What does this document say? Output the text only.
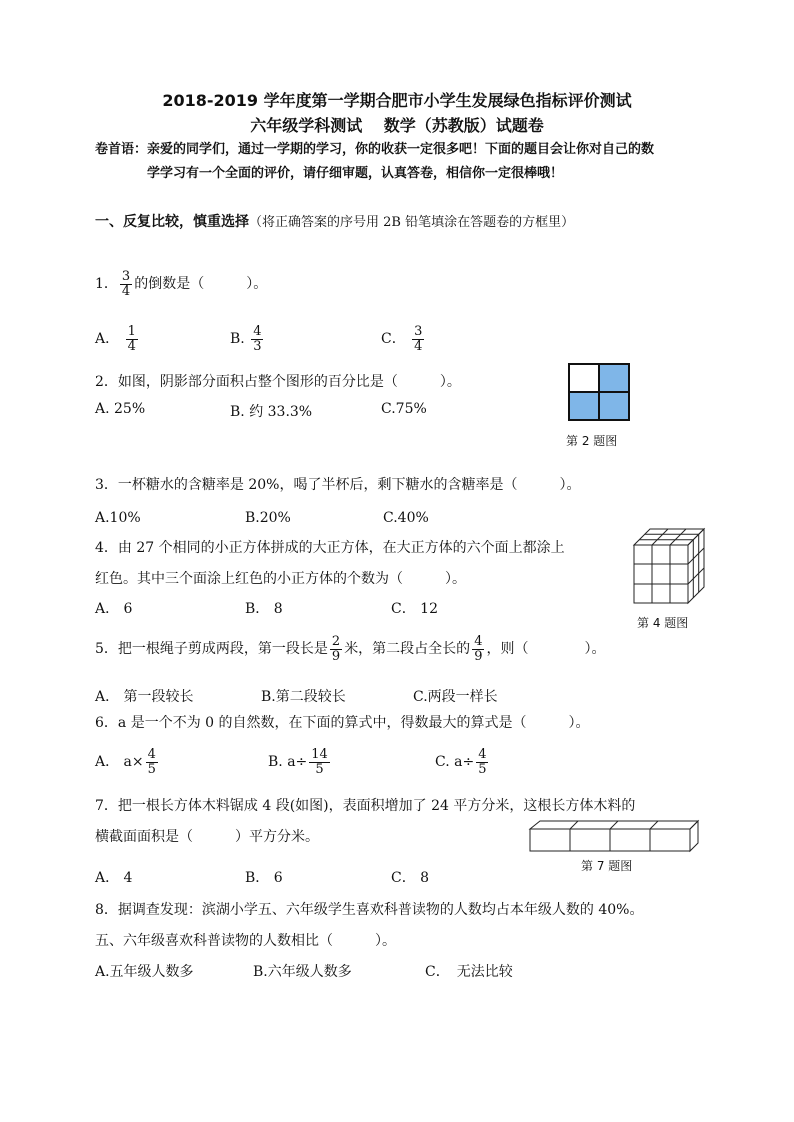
2018-2019 学年度第一学期合肥市小学生发展绿色指标评价测试
六年级学科测试　 数学（苏教版）试题卷
卷首语：亲爱的同学们，通过一学期的学习，你的收获一定很多吧！下面的题目会让你对自己的数
学学习有一个全面的评价，请仔细审题，认真答卷，相信你一定很棒哦！
一、反复比较，慎重选择（将正确答案的序号用 2B 铅笔填涂在答题卷的方框里）
1． $\frac{3}{4}$ 的倒数是（　　　）。
A． $\frac{1}{4}$	B. $\frac{4}{3}$	C． $\frac{3}{4}$
2．如图，阴影部分面积占整个图形的百分比是（　　　）。
A. 25%	B. 约 33.3%	C.75%
第 2 题图
3．一杯糖水的含糖率是 20%，喝了半杯后，剩下糖水的含糖率是（　　　）。
A.10%	B.20%	C.40%
4．由 27 个相同的小正方体拼成的大正方体，在大正方体的六个面上都涂上
红色。其中三个面涂上红色的小正方体的个数为（　　　）。
A． 6	B． 8	C． 12
第 4 题图
5．把一根绳子剪成两段，第一段长是 $\frac{2}{9}$ 米，第二段占全长的 $\frac{4}{9}$ ，则（　　　　）。
A． 第一段较长	B.第二段较长	C.两段一样长
6．a 是一个不为 0 的自然数，在下面的算式中，得数最大的算式是（　　　）。
A． $a\times \frac{4}{5}$	B. $a\div \frac{14}{5}$	C. $a\div \frac{4}{5}$
7．把一根长方体木料锯成 4 段(如图)，表面积增加了 24 平方分米，这根长方体木料的
横截面面积是（　　　）平方分米。
第 7 题图
A． 4	B． 6	C． 8
8．据调查发现：滨湖小学五、六年级学生喜欢科普读物的人数均占本年级人数的 40%。
五、六年级喜欢科普读物的人数相比（　　　）。
A.五年级人数多	B.六年级人数多	C．　无法比较
